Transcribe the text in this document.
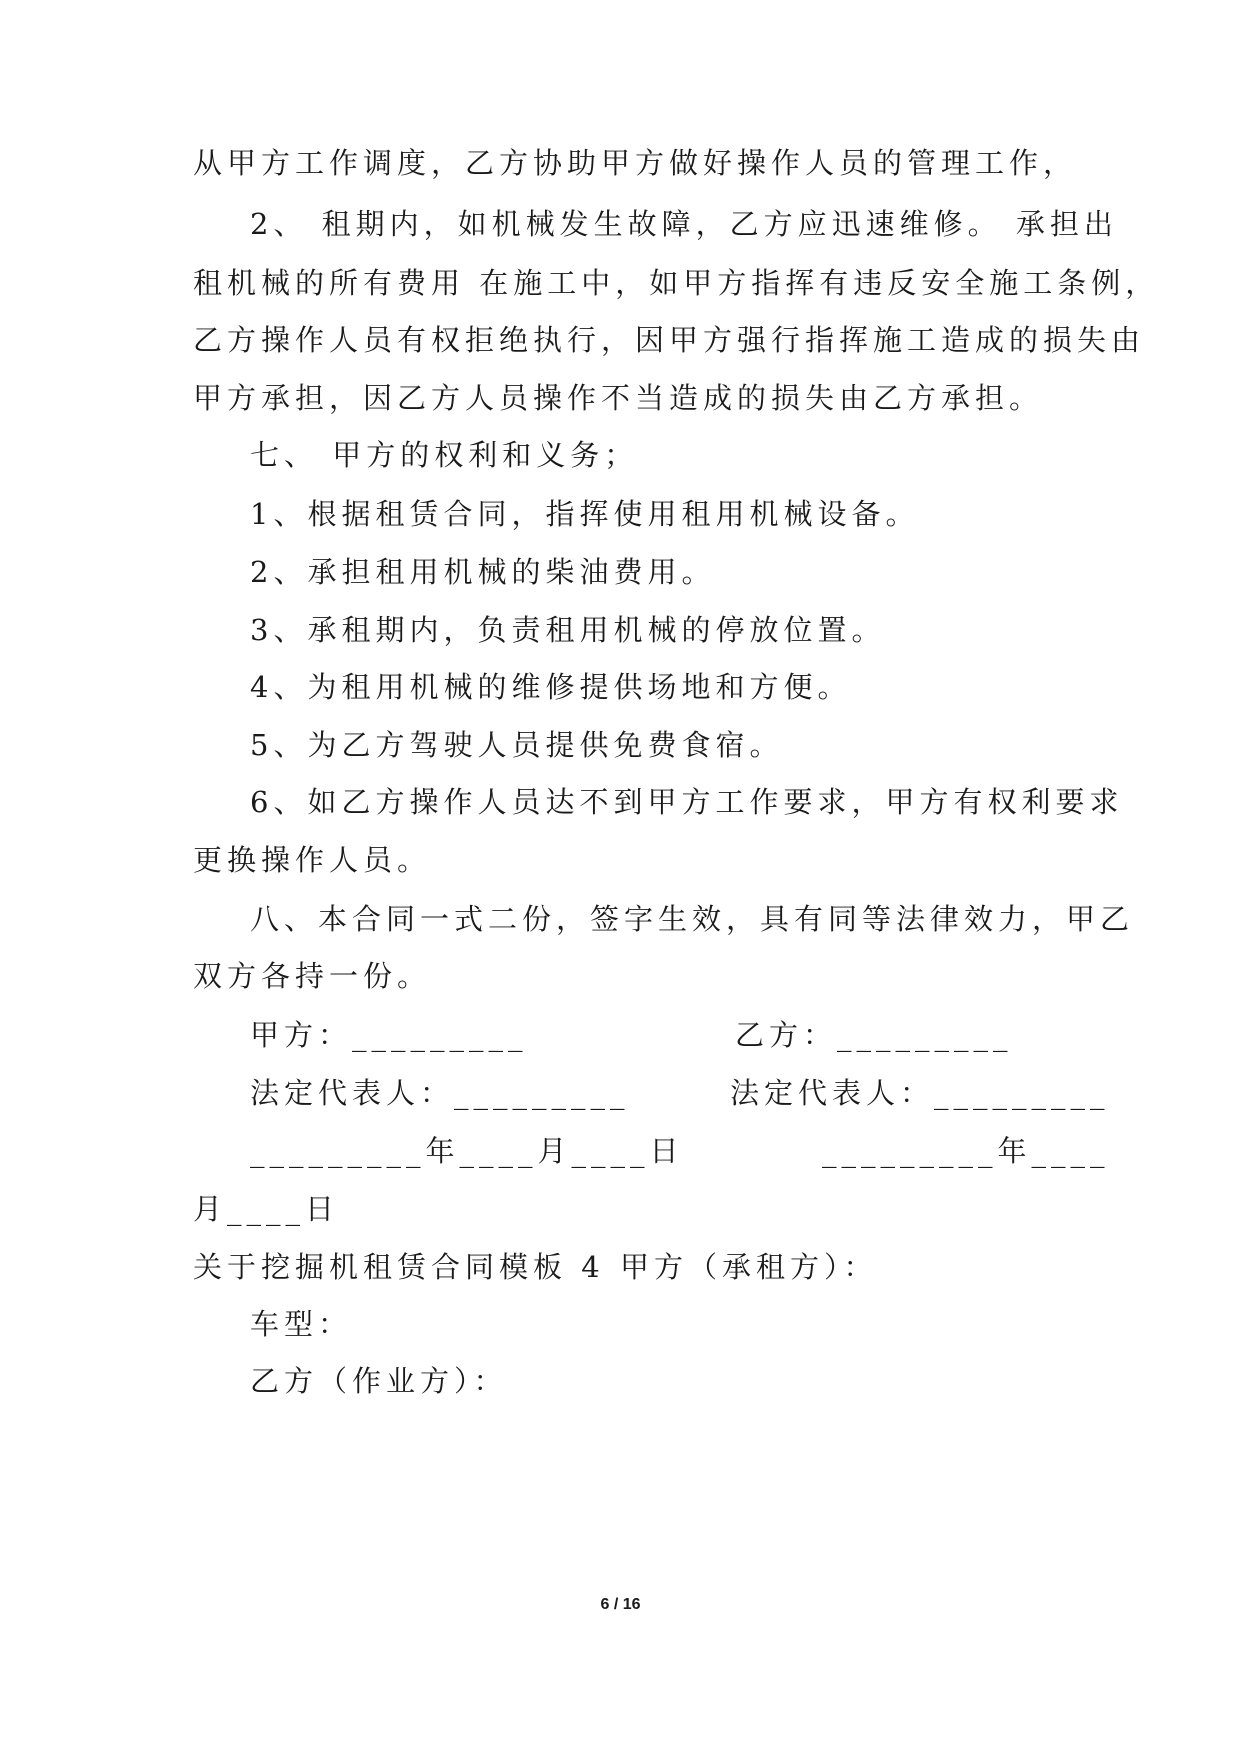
从甲方工作调度，乙方协助甲方做好操作人员的管理工作，
2、 租期内，如机械发生故障，乙方应迅速维修。 承担出
租机械的所有费用 在施工中，如甲方指挥有违反安全施工条例，
乙方操作人员有权拒绝执行，因甲方强行指挥施工造成的损失由
甲方承担，因乙方人员操作不当造成的损失由乙方承担。
七、 甲方的权利和义务；
1、根据租赁合同，指挥使用租用机械设备。
2、承担租用机械的柴油费用。
3、承租期内，负责租用机械的停放位置。
4、为租用机械的维修提供场地和方便。
5、为乙方驾驶人员提供免费食宿。
6、如乙方操作人员达不到甲方工作要求，甲方有权利要求
更换操作人员。
八、本合同一式二份，签字生效，具有同等法律效力，甲乙
双方各持一份。
甲方：_________	乙方：_________
法定代表人：_________	法定代表人：_________
_________年____月____日	_________年____
月____日
关于挖掘机租赁合同模板 4 甲方（承租方）：
车型：
乙方（作业方）：
6 / 16
